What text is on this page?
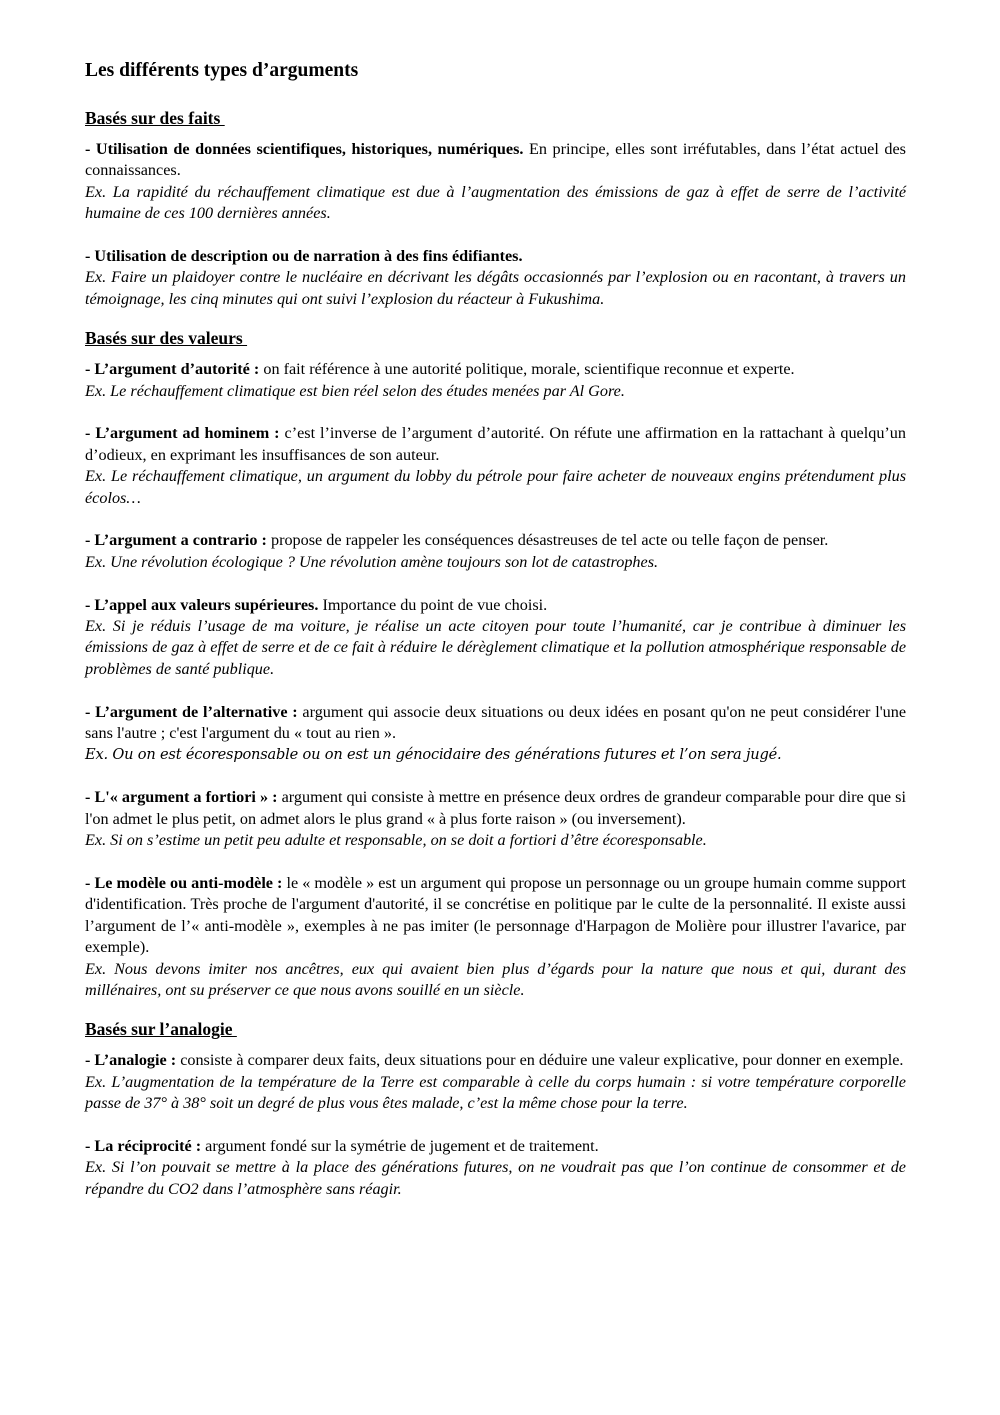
Les différents types d’arguments
Basés sur des faits

- Utilisation de données scientifiques, historiques, numériques. En principe, elles sont irréfutables, dans l’état actuel des connaissances.

Ex. La rapidité du réchauffement climatique est due à l’augmentation des émissions de gaz à effet de serre de l’activité humaine de ces 100 dernières années.

- Utilisation de description ou de narration à des fins édifiantes.

Ex. Faire un plaidoyer contre le nucléaire en décrivant les dégâts occasionnés par l’explosion ou en racontant, à travers un témoignage, les cinq minutes qui ont suivi l’explosion du réacteur à Fukushima.

Basés sur des valeurs

- L’argument d’autorité : on fait référence à une autorité politique, morale, scientifique reconnue et experte.

Ex. Le réchauffement climatique est bien réel selon des études menées par Al Gore.

- L’argument ad hominem : c’est l’inverse de l’argument d’autorité. On réfute une affirmation en la rattachant à quelqu’un d’odieux, en exprimant les insuffisances de son auteur.

Ex. Le réchauffement climatique, un argument du lobby du pétrole pour faire acheter de nouveaux engins prétendument plus écolos…

- L’argument a contrario : propose de rappeler les conséquences désastreuses de tel acte ou telle façon de penser.

Ex. Une révolution écologique ? Une révolution amène toujours son lot de catastrophes.

- L’appel aux valeurs supérieures. Importance du point de vue choisi.

Ex. Si je réduis l’usage de ma voiture, je réalise un acte citoyen pour toute l’humanité, car je contribue à diminuer les émissions de gaz à effet de serre et de ce fait à réduire le dérèglement climatique et la pollution atmosphérique responsable de problèmes de santé publique.

- L’argument de l’alternative : argument qui associe deux situations ou deux idées en posant qu'on ne peut considérer l'une sans l'autre ; c'est l'argument du « tout au rien ».

Ex. Ou on est écoresponsable ou on est un génocidaire des générations futures et l’on sera jugé.

- L'« argument a fortiori » : argument qui consiste à mettre en présence deux ordres de grandeur comparable pour dire que si l'on admet le plus petit, on admet alors le plus grand « à plus forte raison » (ou inversement).

Ex. Si on s’estime un petit peu adulte et responsable, on se doit a fortiori d’être écoresponsable.

- Le modèle ou anti-modèle : le « modèle » est un argument qui propose un personnage ou un groupe humain comme support d'identification. Très proche de l'argument d'autorité, il se concrétise en politique par le culte de la personnalité. Il existe aussi l’argument de l’« anti-modèle », exemples à ne pas imiter (le personnage d'Harpagon de Molière pour illustrer l'avarice, par exemple).

Ex. Nous devons imiter nos ancêtres, eux qui avaient bien plus d’égards pour la nature que nous et qui, durant des millénaires, ont su préserver ce que nous avons souillé en un siècle.

Basés sur l’analogie

- L’analogie : consiste à comparer deux faits, deux situations pour en déduire une valeur explicative, pour donner en exemple.

Ex. L’augmentation de la température de la Terre est comparable à celle du corps humain : si votre température corporelle passe de 37° à 38° soit un degré de plus vous êtes malade, c’est la même chose pour la terre.

- La réciprocité : argument fondé sur la symétrie de jugement et de traitement.

Ex. Si l’on pouvait se mettre à la place des générations futures, on ne voudrait pas que l’on continue de consommer et de répandre du CO2 dans l’atmosphère sans réagir.
